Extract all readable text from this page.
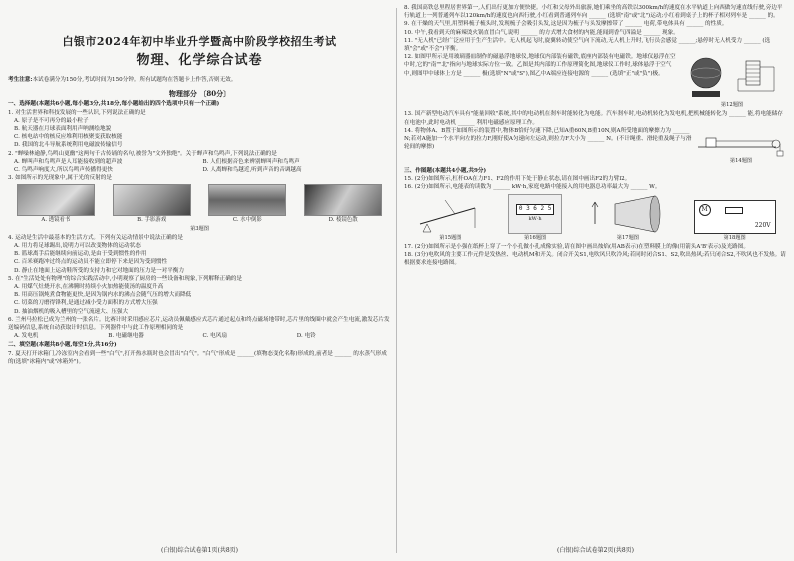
白银市2024年初中毕业升学暨高中阶段学校招生考试
物理、化学综合试卷
考生注意:本试卷满分为150分,考试时间为150分钟。所有试题均在答题卡上作答,否则无效。
物理部分 〔80分〕
一、选择题(本题共6小题,每小题3分,共18分,每小题给出的四个选项中只有一个正确)

1. 对生活世界和科技发展的一些认识,下列说法正确的是

A. 原子是不可再分的最小粒子
B. 航天器在月球表面利用声呐测绘地貌
C. 核电站中的核反应堆利用核聚变获取核能
D. 我国的北斗导航系统利用电磁波传输信号

2. "蝉噪林逾静,鸟鸣山更幽"这两句千古传诵的名句,被誉为"文外独绝"。关于蝉声和鸟鸣声,下列说法正确的是

A. 蝉叫声和鸟鸣声是人耳能接收到的超声波	B. 人们根据音色来辨别蝉叫声和鸟鸣声
C. 鸟鸣声响度大,所以鸟鸣声传播得更快	D. 人离蝉和鸟越近,听到声音的音调越高

3. 如图所示的光现象中,属于光的反射的是

A. 透镜看书	B. 手影游戏	C. 水中倒影	D. 棱镜色散
第3题图

4. 运动是生活中最基本的生活方式。下列有关运动情景中说法正确的是

A. 用力将足球踢出,说明力可以改变物体的运动状态
B. 篮球离手后能继续向前运动,是由于受到惯性的作用
C. 百米赛跑冲过终点的运动员不能立即停下来是因为受到惯性
D. 静止在地面上运动鞋所受的支持力和它对地面的压力是一对平衡力

5. 在"生活处处有物理"的综合实践活动中,小明观察了厨房的一些设备和现象,下列解释正确的是

A. 用煤气灶烧开水,在沸腾时持续小火加热能使汤的温度升高
B. 用高压锅炖煮食物能更快,是因为锅内水的沸点会随气压的增大而降低
C. 切菜的刀磨得锋利,是通过减小受力面积的方式增大压强
D. 抽油烟机的吸入槽里的空气流速大、压强大

6. 兰州马拉松已成为兰州的一张名片。比赛计时采用感应芯片,运动员佩戴感应式芯片通过起点和终点磁场地带时,芯片里的线圈中就会产生电流,激发芯片发送编码信息,系统自动获取计时信息。下列器件中与此工作原理相同的是

A. 发电机	B. 电磁继电器	C. 电风扇	D. 电铃
二、填空题(本题共8小题,每空1分,共16分)

7. 夏天打开冰箱门,冷冻室内会看到一些"白气",打开热水瓶时也会冒出"白气"。"白气"形成是 ______(填物态变化名称)形成的,前者是 ______ 的水蒸气形成的(选填"冰箱内"或"冰箱外")。

(白银)综合试卷第1页(共8页)

8. 我国高铁总里程居世界第一,人们出行更加方便快捷。小红和父母外出旅游,她们乘坐的高铁以300km/h的速度在水平轨道上向西做匀速直线行驶,旁边平行轨道上一列普通列车以120km/h的速度也向西行驶,小红看到普通列车向 ______ (选填"南"或"北")运动;小红看到桌子上的杯子相对列车是 ______ 的。

9. 在干燥的天气里,用塑料梳子梳头时,发现梳子会吸引头发,这是因为梳子与头发摩擦带了 ______ 电荷,带电体具有 ______ 的性质。

10. 中午,我看到天的麻辣烫火锅直冒白气,说明 ______ 的方式增大食材的内能,能闻到香气四溢是 ______ 现象。

11. "无人机"已经广泛应用于生产生活中。无人机起飞时,旋翼转动使空气向下流动,无人机上升时,飞行员会感觉 ______;悬停时无人机受力 ______ (选填"会"或"不会")平衡。

12. 如图甲所示是用玻璃器皿制作的磁悬浮地球仪,地球仪内部装有磁铁,底座内部装有电磁铁。地球仪悬浮在空中时,它的"南""北"指向与地球实际方位一致。乙图是其内部的工作原理简化图,地球仪工作时,球体悬浮于空气中,则图甲中球体上方是 ______ 极(选填"N"或"S"),图乙中A端应连接电源的 ______ (选填"正"或"负")极。

第12题图

13. 国产新型电动汽车具有"能量回收"系统,其中的电动机在刹车时能转化为电能。汽车刹车时,电动机转化为发电机,把机械能转化为 ______ 能,将电能储存在电池中,此时电动机 ______ 利用电磁感应原理工作。

14. 将物体A、B置于如图所示的装置中,物体B恰好匀速下降,已知A重60N,B重10N,则A所受地面的摩擦力为 ______ N;若对A施加一个水平向左的拉力F,刚好使A匀速向左运动,则拉力F大小为 ______ N。(不计绳重、滑轮重及绳子与滑轮间的摩擦)

第14题图
三、作图题(本题共4小题,共9分)

15. (2分)如图所示,杠杆OA在力F1、F2的作用下处于静止状态,请在图中画出F2的力臂l2。

16. (2分)如图所示,电能表的读数为 ______ kW·h,家庭电路中能接入的用电器总功率最大为 ______ W。

第15题图
0 3 6 2 5
kW·h
第16题图	第17题图
M
220V
第18题图

17. (2分)如图所示是小强在纸杯上穿了一个小孔做小孔成像实验,请在图中画出烛焰(用AB表示)在塑料膜上的像(用箭头A'B'表示)及光路图。

18. (3分)电吹风的主要工作元件是发热丝、电动机M和开关。闭合开关S1,电吹风只吹冷风;若同时闭合S1、S2,吹出热风;若只闭合S2,不吹风也不发热。请根据要求连接电路图。

(白银)综合试卷第2页(共8页)
